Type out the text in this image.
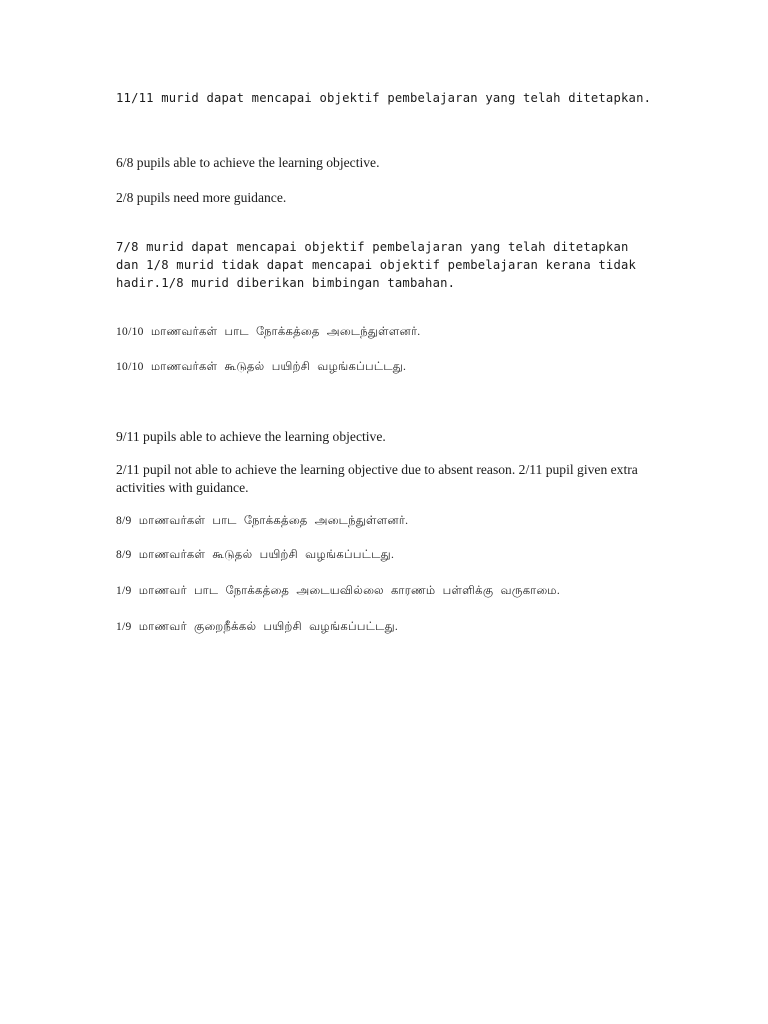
11/11 murid dapat mencapai objektif pembelajaran yang telah ditetapkan.

6/8 pupils able to achieve the learning objective.

2/8 pupils need more guidance.

7/8 murid dapat mencapai objektif pembelajaran yang telah ditetapkan dan 1/8 murid tidak dapat mencapai objektif pembelajaran kerana tidak hadir.1/8 murid diberikan bimbingan tambahan.

10/10 மாணவர்கள் பாட நோக்கத்தை அடைந்துள்ளனர்.

10/10 மாணவர்கள் கூடுதல் பயிற்சி வழங்கப்பட்டது.

9/11 pupils able to achieve the learning objective.

2/11 pupil not able to achieve the learning objective due to absent reason. 2/11 pupil given extra activities with guidance.

8/9 மாணவர்கள் பாட நோக்கத்தை அடைந்துள்ளனர்.

8/9 மாணவர்கள் கூடுதல் பயிற்சி வழங்கப்பட்டது.

1/9 மாணவர் பாட நோக்கத்தை அடையவில்லை காரணம் பள்ளிக்கு வருகாமை.

1/9 மாணவர் குறைநீக்கல் பயிற்சி வழங்கப்பட்டது.
